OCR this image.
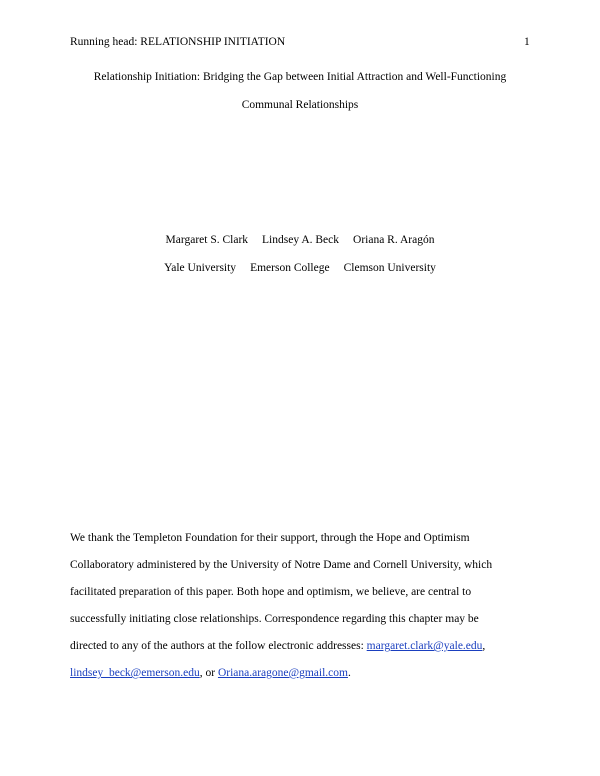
Running head: RELATIONSHIP INITIATION	1
Relationship Initiation: Bridging the Gap between Initial Attraction and Well-Functioning
Communal Relationships
Margaret S. Clark Lindsey A. Beck Oriana R. Aragón
Yale University Emerson College Clemson University
We thank the Templeton Foundation for their support, through the Hope and Optimism
Collaboratory administered by the University of Notre Dame and Cornell University, which
facilitated preparation of this paper. Both hope and optimism, we believe, are central to
successfully initiating close relationships. Correspondence regarding this chapter may be
directed to any of the authors at the follow electronic addresses: margaret.clark@yale.edu,
lindsey_beck@emerson.edu, or Oriana.aragone@gmail.com.
